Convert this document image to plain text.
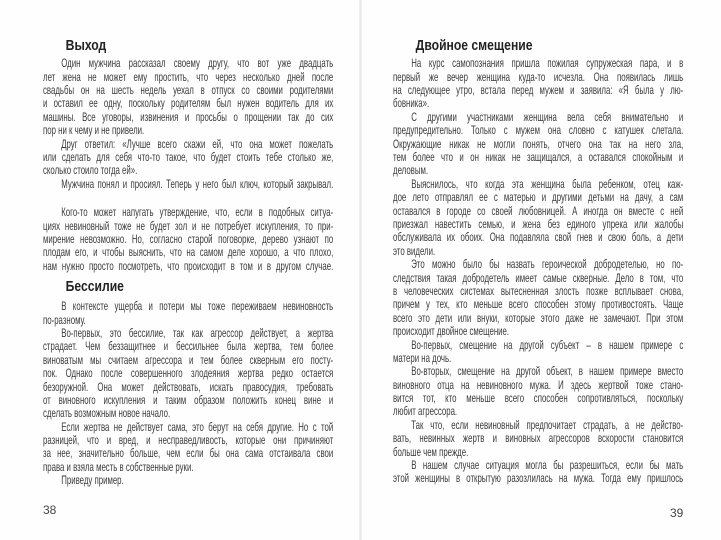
Выход
Один мужчина рассказал своему другу, что вот уже двадцать
лет жена не может ему простить, что через несколько дней после
свадьбы он на шесть недель уехал в отпуск со своими родителями
и оставил ее одну, поскольку родителям был нужен водитель для их
машины. Все уговоры, извинения и просьбы о прощении так до сих
пор ни к чему и не привели.
Друг ответил: «Лучше всего скажи ей, что она может пожелать
или сделать для себя что-то такое, что будет стоить тебе столько же,
сколько стоило тогда ей».
Мужчина понял и просиял. Теперь у него был ключ, который закрывал.
Кого-то может напугать утверждение, что, если в подобных ситуа-
циях невиновный тоже не будет зол и не потребует искупления, то при-
мирение невозможно. Но, согласно старой поговорке, дерево узнают по
плодам его, и чтобы выяснить, что на самом деле хорошо, а что плохо,
нам нужно просто посмотреть, что происходит в том и в другом случае.
Бессилие
В контексте ущерба и потери мы тоже переживаем невиновность
по-разному.
Во-первых, это бессилие, так как агрессор действует, а жертва
страдает. Чем беззащитнее и бессильнее была жертва, тем более
виноватым мы считаем агрессора и тем более скверным его посту-
пок. Однако после совершенного злодеяния жертва редко остается
безоружной. Она может действовать, искать правосудия, требовать
от виновного искупления и таким образом положить конец вине и
сделать возможным новое начало.
Если жертва не действует сама, это берут на себя другие. Но с той
разницей, что и вред, и несправедливость, которые они причиняют
за нее, значительно больше, чем если бы она сама отстаивала свои
права и взяла месть в собственные руки.
Приведу пример.
38
Двойное смещение
На курс самопознания пришла пожилая супружеская пара, и в
первый же вечер женщина куда-то исчезла. Она появилась лишь
на следующее утро, встала перед мужем и заявила: «Я была у лю-
бовника».
С другими участниками женщина вела себя внимательно и
предупредительно. Только с мужем она словно с катушек слетала.
Окружающие никак не могли понять, отчего она так на него зла,
тем более что и он никак не защищался, а оставался спокойным и
деловым.
Выяснилось, что когда эта женщина была ребенком, отец каж-
дое лето отправлял ее с матерью и другими детьми на дачу, а сам
оставался в городе со своей любовницей. А иногда он вместе с ней
приезжал навестить семью, и жена без единого упрека или жалобы
обслуживала их обоих. Она подавляла свой гнев и свою боль, а дети
это видели.
Это можно было бы назвать героической добродетелью, но по-
следствия такая добродетель имеет самые скверные. Дело в том, что
в человеческих системах вытесненная злость позже всплывает снова,
причем у тех, кто меньше всего способен этому противостоять. Чаще
всего это дети или внуки, которые этого даже не замечают. При этом
происходит двойное смещение.
Во-первых, смещение на другой субъект – в нашем примере с
матери на дочь.
Во-вторых, смещение на другой объект, в нашем примере вместо
виновного отца на невиновного мужа. И здесь жертвой тоже стано-
вится тот, кто меньше всего способен сопротивляться, поскольку
любит агрессора.
Так что, если невиновный предпочитает страдать, а не действо-
вать, невинных жертв и виновных агрессоров вскорости становится
больше чем прежде.
В нашем случае ситуация могла бы разрешиться, если бы мать
этой женщины в открытую разозлилась на мужа. Тогда ему пришлось
39
